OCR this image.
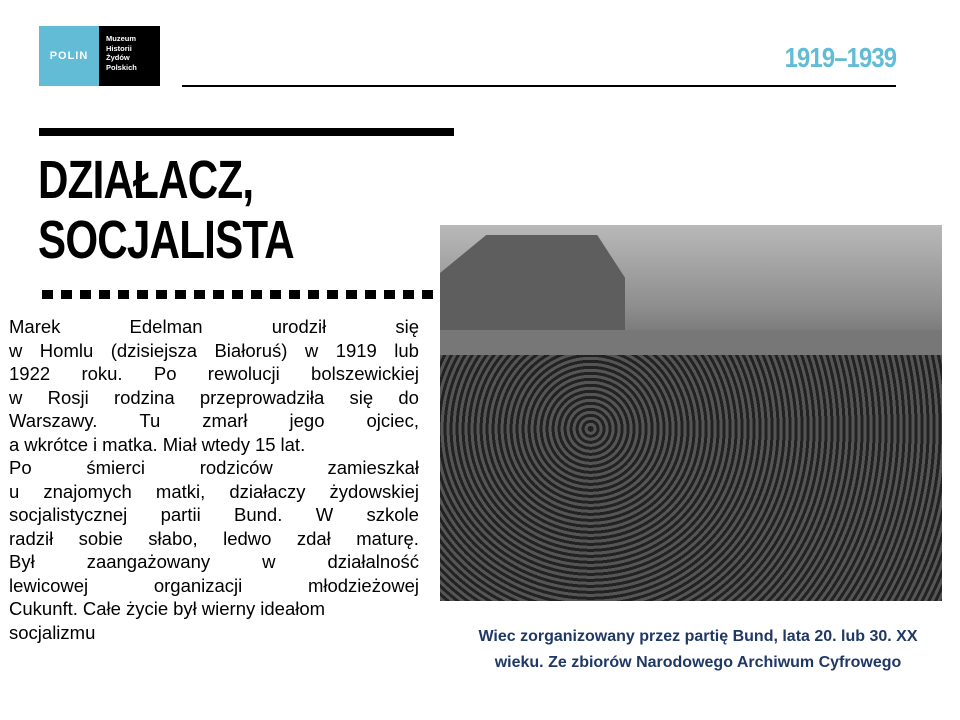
POLIN
Muzeum
Historii
Żydów
Polskich	1919–1939
DZIAŁACZ,
SOCJALISTA
Marek	Edelman	urodził	się
w Homlu (dzisiejsza Białoruś) w 1919 lub
1922 roku. Po rewolucji bolszewickiej
w Rosji rodzina przeprowadziła się do
Warszawy. Tu zmarł jego ojciec,
a wkrótce i matka. Miał wtedy 15 lat.
Po	śmierci	rodziców	zamieszkał
u znajomych matki, działaczy żydowskiej
socjalistycznej partii Bund. W szkole
radził sobie słabo, ledwo zdał maturę.
Był	zaangażowany	w	działalność
lewicowej	organizacji	młodzieżowej
Cukunft. Całe życie był wierny ideałom
socjalizmu	Wiec zorganizowany przez partię Bund, lata 20. lub 30. XX wieku. Ze zbiorów Narodowego Archiwum Cyfrowego
